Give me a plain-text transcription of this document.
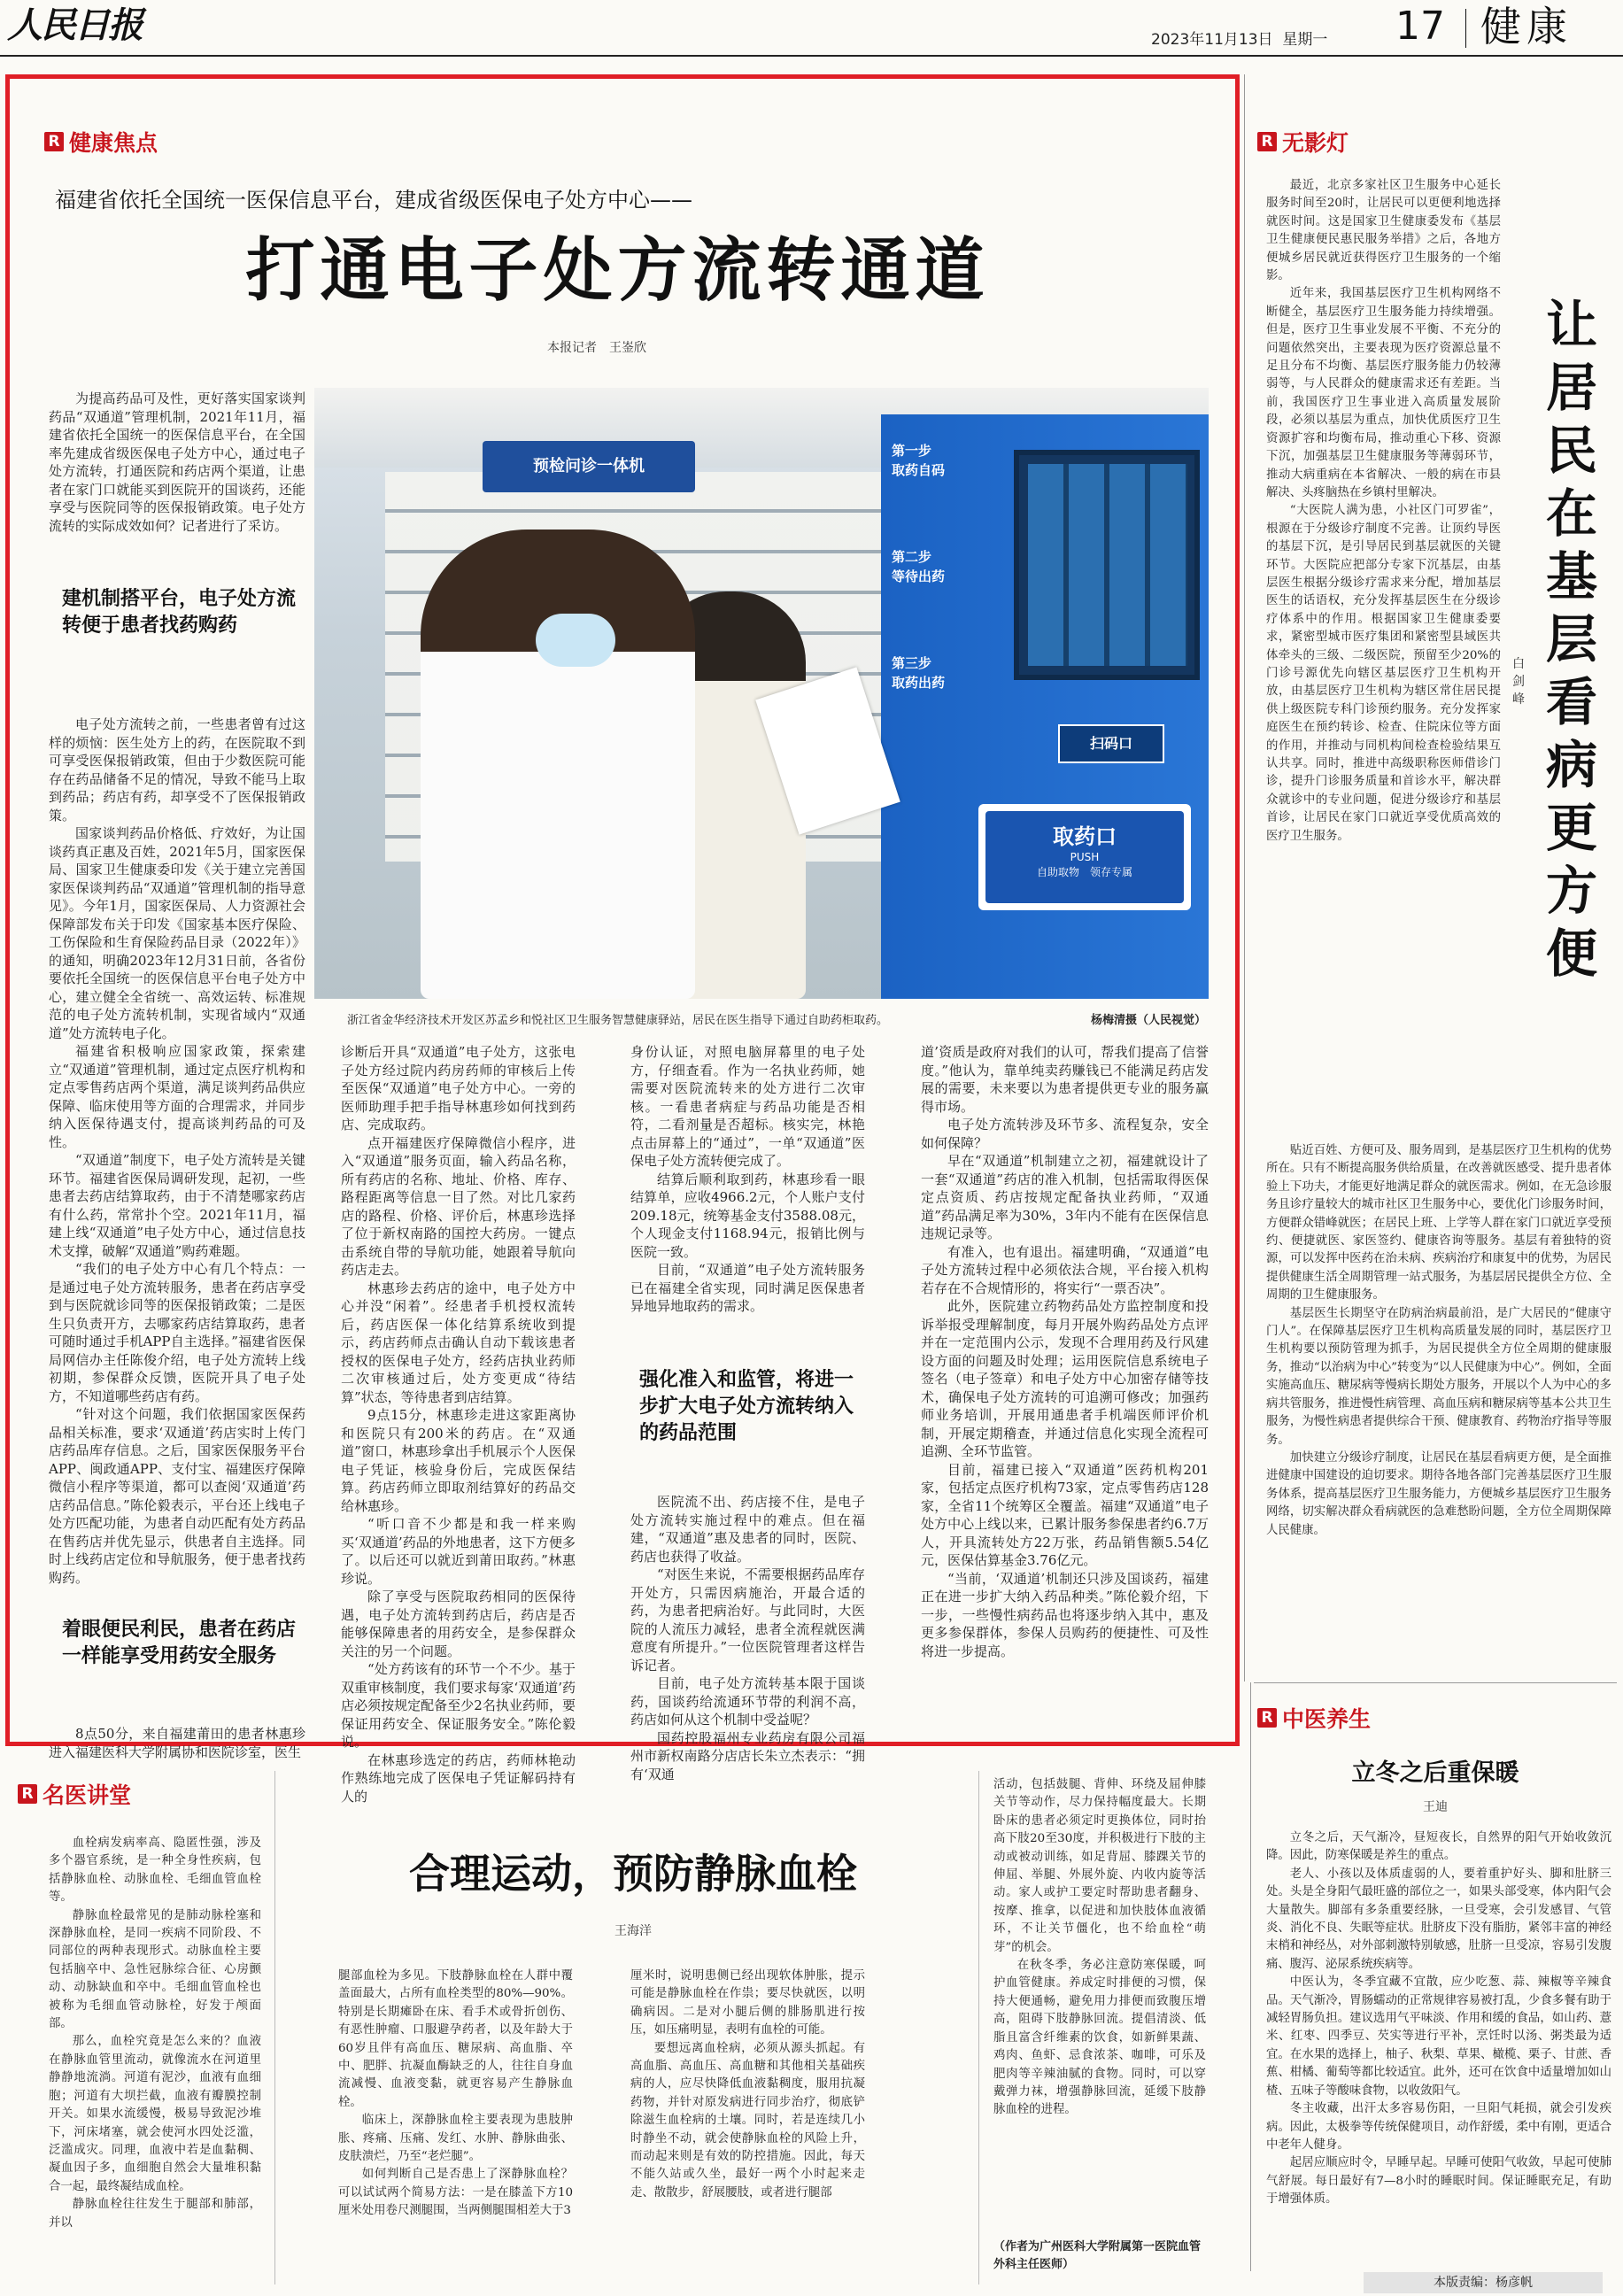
人民日报	2023年11月13日 星期一 17 健康
R 健康焦点
福建省依托全国统一医保信息平台，建成省级医保电子处方中心——
打通电子处方流转通道
本报记者　王崟欣

为提高药品可及性，更好落实国家谈判药品“双通道”管理机制，2021年11月，福建省依托全国统一的医保信息平台，在全国率先建成省级医保电子处方中心，通过电子处方流转，打通医院和药店两个渠道，让患者在家门口就能买到医院开的国谈药，还能享受与医院同等的医保报销政策。电子处方流转的实际成效如何？记者进行了采访。

建机制搭平台，电子处方流转便于患者找药购药

电子处方流转之前，一些患者曾有过这样的烦恼：医生处方上的药，在医院取不到可享受医保报销政策，但由于少数医院可能存在药品储备不足的情况，导致不能马上取到药品；药店有药，却享受不了医保报销政策。

国家谈判药品价格低、疗效好，为让国谈药真正惠及百姓，2021年5月，国家医保局、国家卫生健康委印发《关于建立完善国家医保谈判药品“双通道”管理机制的指导意见》。今年1月，国家医保局、人力资源社会保障部发布关于印发《国家基本医疗保险、工伤保险和生育保险药品目录（2022年）》的通知，明确2023年12月31日前，各省份要依托全国统一的医保信息平台电子处方中心，建立健全全省统一、高效运转、标准规范的电子处方流转机制，实现省域内“双通道”处方流转电子化。

福建省积极响应国家政策，探索建立“双通道”管理机制，通过定点医疗机构和定点零售药店两个渠道，满足谈判药品供应保障、临床使用等方面的合理需求，并同步纳入医保待遇支付，提高谈判药品的可及性。

“双通道”制度下，电子处方流转是关键环节。福建省医保局调研发现，起初，一些患者去药店结算取药，由于不清楚哪家药店有什么药，常常扑个空。2021年11月，福建上线“双通道”电子处方中心，通过信息技术支撑，破解“双通道”购药难题。

“我们的电子处方中心有几个特点：一是通过电子处方流转服务，患者在药店享受到与医院就诊同等的医保报销政策；二是医生只负责开方，去哪家药店结算取药，患者可随时通过手机APP自主选择。”福建省医保局网信办主任陈俊介绍，电子处方流转上线初期，参保群众反馈，医院开具了电子处方，不知道哪些药店有药。

“针对这个问题，我们依据国家医保药品相关标准，要求‘双通道’药店实时上传门店药品库存信息。之后，国家医保服务平台APP、闽政通APP、支付宝、福建医疗保障微信小程序等渠道，都可以查阅‘双通道’药店药品信息。”陈伦毅表示，平台还上线电子处方匹配功能，为患者自动匹配有处方药品在售药店并优先显示，供患者自主选择。同时上线药店定位和导航服务，便于患者找药购药。

着眼便民利民，患者在药店一样能享受用药安全服务

8点50分，来自福建莆田的患者林惠珍进入福建医科大学附属协和医院诊室，医生

预检问诊一体机
第一步
取药自码
第二步
等待出药
第三步
取药出药
扫码口
取药口
PUSH
自助取物　领存专属
浙江省金华经济技术开发区苏孟乡和悦社区卫生服务智慧健康驿站，居民在医生指导下通过自助药柜取药。	杨梅清摄（人民视觉）

诊断后开具“双通道”电子处方，这张电子处方经过院内药房药师的审核后上传至医保“双通道”电子处方中心。一旁的医师助理手把手指导林惠珍如何找到药店、完成取药。

点开福建医疗保障微信小程序，进入“双通道”服务页面，输入药品名称，所有药店的名称、地址、价格、库存、路程距离等信息一目了然。对比几家药店的路程、价格、评价后，林惠珍选择了位于新权南路的国控大药房。一键点击系统自带的导航功能，她跟着导航向药店走去。

林惠珍去药店的途中，电子处方中心并没“闲着”。经患者手机授权流转后，药店医保一体化结算系统收到提示，药店药师点击确认自动下载该患者授权的医保电子处方，经药店执业药师二次审核通过后，处方变更成“待结算”状态，等待患者到店结算。

9点15分，林惠珍走进这家距离协和医院只有200米的药店。在“双通道”窗口，林惠珍拿出手机展示个人医保电子凭证，核验身份后，完成医保结算。药店药师立即取剂结算好的药品交给林惠珍。

“听口音不少都是和我一样来购买‘双通道’药品的外地患者，这下方便多了。以后还可以就近到莆田取药。”林惠珍说。

除了享受与医院取药相同的医保待遇，电子处方流转到药店后，药店是否能够保障患者的用药安全，是参保群众关注的另一个问题。

“处方药该有的环节一个不少。基于双重审核制度，我们要求每家‘双通道’药店必须按规定配备至少2名执业药师，要保证用药安全、保证服务安全。”陈伦毅说。

在林惠珍选定的药店，药师林艳动作熟练地完成了医保电子凭证解码持有人的

身份认证，对照电脑屏幕里的电子处方，仔细查看。作为一名执业药师，她需要对医院流转来的处方进行二次审核。一看患者病症与药品功能是否相符，二看剂量是否超标。核实完，林艳点击屏幕上的“通过”，一单“双通道”医保电子处方流转便完成了。

结算后顺利取到药，林惠珍看一眼结算单，应收4966.2元，个人账户支付209.18元，统筹基金支付3588.08元，个人现金支付1168.94元，报销比例与医院一致。

目前，“双通道”电子处方流转服务已在福建全省实现，同时满足医保患者异地异地取药的需求。

强化准入和监管，将进一步扩大电子处方流转纳入的药品范围

医院流不出、药店接不住，是电子处方流转实施过程中的难点。但在福建，“双通道”惠及患者的同时，医院、药店也获得了收益。

“对医生来说，不需要根据药品库存开处方，只需因病施治，开最合适的药，为患者把病治好。与此同时，大医院的人流压力减轻，患者全流程就医满意度有所提升。”一位医院管理者这样告诉记者。

目前，电子处方流转基本限于国谈药，国谈药给流通环节带的利润不高，药店如何从这个机制中受益呢？

国药控股福州专业药房有限公司福州市新权南路分店店长朱立杰表示：“拥有‘双通

道’资质是政府对我们的认可，帮我们提高了信誉度。”他认为，靠单纯卖药赚钱已不能满足药店发展的需要，未来要以为患者提供更专业的服务赢得市场。

电子处方流转涉及环节多、流程复杂，安全如何保障？

早在“双通道”机制建立之初，福建就设计了一套“双通道”药店的准入机制，包括需取得医保定点资质、药店按规定配备执业药师，“双通道”药品满足率为30%，3年内不能有在医保信息违规记录等。

有准入，也有退出。福建明确，“双通道”电子处方流转过程中必须依法合规，平台接入机构若存在不合规情形的，将实行“一票否决”。

此外，医院建立药物药品处方监控制度和投诉举报受理解制度，每月开展外购药品处方点评并在一定范围内公示，发现不合理用药及行风建设方面的问题及时处理；运用医院信息系统电子签名（电子签章）和电子处方中心加密存储等技术，确保电子处方流转的可追溯可修改；加强药师业务培训，开展用通患者手机端医师评价机制，开展定期稽查，并通过信息化实现全流程可追溯、全环节监管。

目前，福建已接入“双通道”医药机构201家，包括定点医疗机构73家，定点零售药店128家，全省11个统筹区全覆盖。福建“双通道”电子处方中心上线以来，已累计服务参保患者约6.7万人，开具流转处方22万张，药品销售额5.54亿元，医保估算基金3.76亿元。

“当前，‘双通道’机制还只涉及国谈药，福建正在进一步扩大纳入药品种类。”陈伦毅介绍，下一步，一些慢性病药品也将逐步纳入其中，惠及更多参保群体，参保人员购药的便捷性、可及性将进一步提高。

R 无影灯
让居民在基层看病更方便
白剑峰

最近，北京多家社区卫生服务中心延长服务时间至20时，让居民可以更便利地选择就医时间。这是国家卫生健康委发布《基层卫生健康便民惠民服务举措》之后，各地方便城乡居民就近获得医疗卫生服务的一个缩影。

近年来，我国基层医疗卫生机构网络不断健全，基层医疗卫生服务能力持续增强。但是，医疗卫生事业发展不平衡、不充分的问题依然突出，主要表现为医疗资源总量不足且分布不均衡、基层医疗服务能力仍较薄弱等，与人民群众的健康需求还有差距。当前，我国医疗卫生事业进入高质量发展阶段，必须以基层为重点，加快优质医疗卫生资源扩容和均衡布局，推动重心下移、资源下沉，加强基层卫生健康服务等薄弱环节，推动大病重病在本省解决、一般的病在市县解决、头疼脑热在乡镇村里解决。

“大医院人满为患，小社区门可罗雀”，根源在于分级诊疗制度不完善。让顶约导医的基层下沉，是引导居民到基层就医的关键环节。大医院应把部分专家下沉基层，由基层医生根据分级诊疗需求来分配，增加基层医生的话语权，充分发挥基层医生在分级诊疗体系中的作用。根据国家卫生健康委要求，紧密型城市医疗集团和紧密型县域医共体牵头的三级、二级医院，预留至少20%的门诊号源优先向辖区基层医疗卫生机构开放，由基层医疗卫生机构为辖区常住居民提供上级医院专科门诊预约服务。充分发挥家庭医生在预约转诊、检查、住院床位等方面的作用，并推动与同机构间检查检验结果互认共享。同时，推进中高级职称医师借诊门诊，提升门诊服务质量和首诊水平，解决群众就诊中的专业问题，促进分级诊疗和基层首诊，让居民在家门口就近享受优质高效的医疗卫生服务。

贴近百姓、方便可及、服务周到，是基层医疗卫生机构的优势所在。只有不断提高服务供给质量，在改善就医感受、提升患者体验上下功夫，才能更好地满足群众的就医需求。例如，在无急诊服务且诊疗量较大的城市社区卫生服务中心，要优化门诊服务时间，方便群众错峰就医；在居民上班、上学等人群在家门口就近享受预约、便捷就医、家医签约、健康咨询等服务。基层有着独特的资源，可以发挥中医药在治未病、疾病治疗和康复中的优势，为居民提供健康生活全周期管理一站式服务，为基层居民提供全方位、全周期的卫生健康服务。

基层医生长期坚守在防病治病最前沿，是广大居民的“健康守门人”。在保障基层医疗卫生机构高质量发展的同时，基层医疗卫生机构要以预防管理为抓手，为居民提供全方位全周期的健康服务，推动“以治病为中心”转变为“以人民健康为中心”。例如，全面实施高血压、糖尿病等慢病长期处方服务，开展以个人为中心的多病共管服务，推进慢性病管理、高血压病和糖尿病等基本公共卫生服务，为慢性病患者提供综合干预、健康教育、药物治疗指导等服务。

加快建立分级诊疗制度，让居民在基层看病更方便，是全面推进健康中国建设的迫切要求。期待各地各部门完善基层医疗卫生服务体系，提高基层医疗卫生服务能力，方便城乡基层医疗卫生服务网络，切实解决群众看病就医的急难愁盼问题，全方位全周期保障人民健康。

R 中医养生
立冬之后重保暖
王迪

立冬之后，天气渐冷，昼短夜长，自然界的阳气开始收敛沉降。因此，防寒保暖是养生的重点。

老人、小孩以及体质虚弱的人，要着重护好头、脚和肚脐三处。头是全身阳气最旺盛的部位之一，如果头部受寒，体内阳气会大量散失。脚部有多条重要经脉，一旦受寒，会引发感冒、气管炎、消化不良、失眠等症状。肚脐皮下没有脂肪，紧邻丰富的神经末梢和神经丛，对外部刺激特别敏感，肚脐一旦受凉，容易引发腹痛、腹泻、泌尿系统疾病等。

中医认为，冬季宜藏不宜散，应少吃葱、蒜、辣椒等辛辣食品。天气渐冷，胃肠蠕动的正常规律容易被打乱，少食多餐有助于减轻胃肠负担。建议选用气平味淡、作用和缓的食品，如山药、薏米、红枣、四季豆、芡实等进行平补，烹饪时以汤、粥类最为适宜。在水果的选择上，柚子、秋梨、草果、橄榄、栗子、甘蔗、香蕉、柑橘、葡萄等都比较适宜。此外，还可在饮食中适量增加如山楂、五味子等酸味食物，以收敛阳气。

冬主收藏，出汗太多容易伤阳，一旦阳气耗损，就会引发疾病。因此，太极拳等传统保健项目，动作舒缓，柔中有刚，更适合中老年人健身。

起居应顺应时令，早睡早起。早睡可使阳气收敛，早起可使肺气舒展。每日最好有7—8小时的睡眠时间。保证睡眠充足，有助于增强体质。

R 名医讲堂
合理运动，预防静脉血栓
王海洋

血栓病发病率高、隐匿性强，涉及多个器官系统，是一种全身性疾病，包括静脉血栓、动脉血栓、毛细血管血栓等。

静脉血栓最常见的是肺动脉栓塞和深静脉血栓，是同一疾病不同阶段、不同部位的两种表现形式。动脉血栓主要包括脑卒中、急性冠脉综合征、心房颤动、动脉缺血和卒中。毛细血管血栓也被称为毛细血管动脉栓，好发于颅面部。

那么，血栓究竟是怎么来的？血液在静脉血管里流动，就像流水在河道里静静地流淌。河道有泥沙，血液有血细胞；河道有大坝拦截，血液有瓣膜控制开关。如果水流缓慢，极易导致泥沙堆下，河床堵塞，就会使河水四处泛滥，泛滥成灾。同理，血液中若是血黏稠、凝血因子多，血细胞自然会大量堆积黏合一起，最终凝结成血栓。

静脉血栓往往发生于腿部和肺部，并以

腿部血栓为多见。下肢静脉血栓在人群中覆盖面最大，占所有血栓类型的80%—90%。特别是长期瘫卧在床、看手术或骨折创伤、有恶性肿瘤、口服避孕药者，以及年龄大于60岁且伴有高血压、糖尿病、高血脂、卒中、肥胖、抗凝血酶缺乏的人，往往自身血流减慢、血液变黏，就更容易产生静脉血栓。

临床上，深静脉血栓主要表现为患肢肿胀、疼痛、压痛、发红、水肿、静脉曲张、皮肤溃烂，乃至“老烂腿”。

如何判断自己是否患上了深静脉血栓？可以试试两个简易方法：一是在膝盖下方10厘米处用卷尺测腿围，当两侧腿围相差大于3

厘米时，说明患侧已经出现软体肿胀，提示可能是静脉血栓在作祟；要尽快就医，以明确病因。二是对小腿后侧的腓肠肌进行按压，如压痛明显，表明有血栓的可能。

要想远离血栓病，必须从源头抓起。有高血脂、高血压、高血糖和其他相关基础疾病的人，应尽快降低血液黏稠度，服用抗凝药物，并针对原发病进行同步治疗，彻底铲除滋生血栓病的土壤。同时，若是连续几小时静坐不动，就会使静脉血栓的风险上升，而动起来则是有效的防控措施。因此，每天不能久站或久坐，最好一两个小时起来走走、散散步，舒展腰肢，或者进行腿部

活动，包括鼓腿、背伸、环绕及屈伸膝关节等动作，尽力保持幅度最大。长期卧床的患者必须定时更换体位，同时抬高下肢20至30度，并积极进行下肢的主动或被动训练，如足背屈、膝踝关节的伸屈、举腿、外展外旋、内收内旋等活动。家人或护工要定时帮助患者翻身、按摩、推拿，以促进和加快肢体血液循环，不让关节僵化，也不给血栓“萌芽”的机会。

在秋冬季，务必注意防寒保暖，呵护血管健康。养成定时排便的习惯，保持大便通畅，避免用力排便而致腹压增高，阻碍下肢静脉回流。提倡清淡、低脂且富含纤维素的饮食，如新鲜果蔬、鸡肉、鱼虾、忌食浓茶、咖啡，可乐及肥肉等辛辣油腻的食物。同时，可以穿戴弹力袜，增强静脉回流，延缓下肢静脉血栓的进程。

（作者为广州医科大学附属第一医院血管外科主任医师）
本版责编：杨彦帆
